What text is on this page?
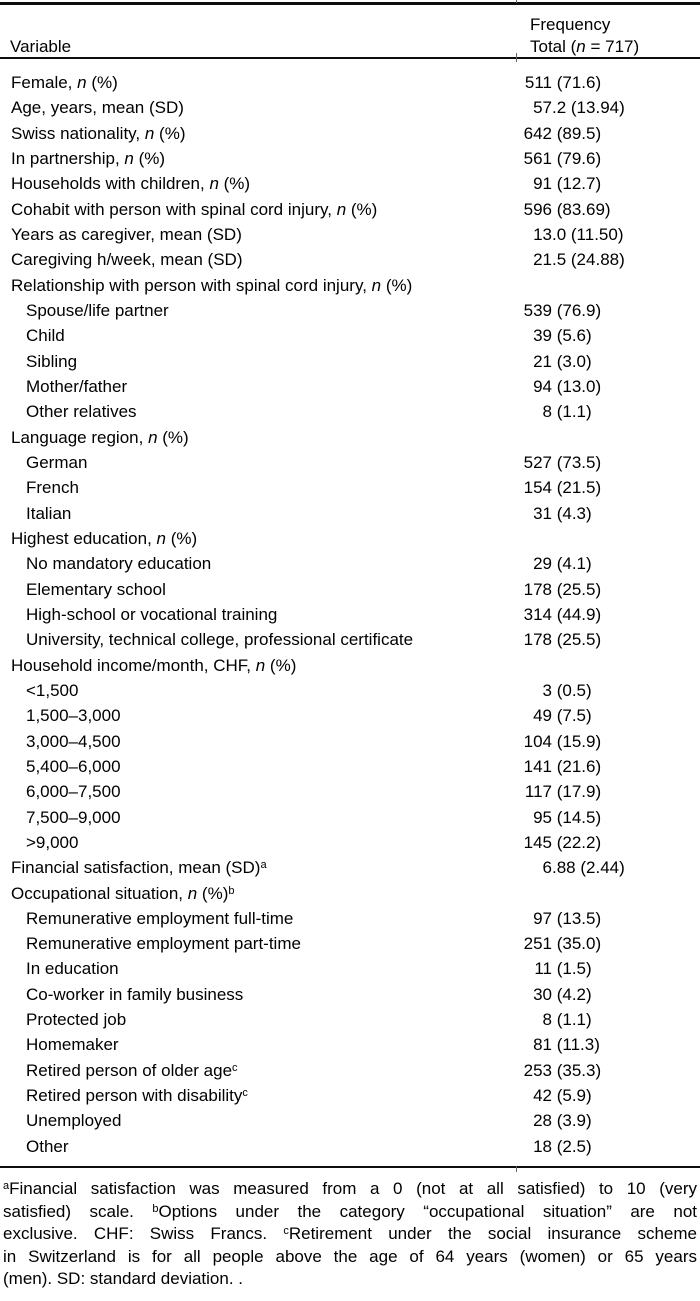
Variable
Frequency
Total (n = 717)
Female, n (%)	511 (71.6)
Age, years, mean (SD)	57.2 (13.94)
Swiss nationality, n (%)	642 (89.5)
In partnership, n (%)	561 (79.6)
Households with children, n (%)	91 (12.7)
Cohabit with person with spinal cord injury, n (%)	596 (83.69)
Years as caregiver, mean (SD)	13.0 (11.50)
Caregiving h/week, mean (SD)	21.5 (24.88)
Relationship with person with spinal cord injury, n (%)
Spouse/life partner	539 (76.9)
Child	39 (5.6)
Sibling	21 (3.0)
Mother/father	94 (13.0)
Other relatives	8 (1.1)
Language region, n (%)
German	527 (73.5)
French	154 (21.5)
Italian	31 (4.3)
Highest education, n (%)
No mandatory education	29 (4.1)
Elementary school	178 (25.5)
High-school or vocational training	314 (44.9)
University, technical college, professional certificate	178 (25.5)
Household income/month, CHF, n (%)
<1,500	3 (0.5)
1,500–3,000	49 (7.5)
3,000–4,500	104 (15.9)
5,400–6,000	141 (21.6)
6,000–7,500	117 (17.9)
7,500–9,000	95 (14.5)
>9,000	145 (22.2)
Financial satisfaction, mean (SD)$^a$	6.88 (2.44)
Occupational situation, n (%)$^b$
Remunerative employment full-time	97 (13.5)
Remunerative employment part-time	251 (35.0)
In education	11 (1.5)
Co-worker in family business	30 (4.2)
Protected job	8 (1.1)
Homemaker	81 (11.3)
Retired person of older age$^c$	253 (35.3)
Retired person with disability$^c$	42 (5.9)
Unemployed	28 (3.9)
Other	18 (2.5)
$^a$Financial satisfaction was measured from a 0 (not at all satisfied) to 10 (very
satisfied) scale. $^b$Options under the category “occupational situation” are not
exclusive. CHF: Swiss Francs. $^c$Retirement under the social insurance scheme
in Switzerland is for all people above the age of 64 years (women) or 65 years
(men). SD: standard deviation. .
